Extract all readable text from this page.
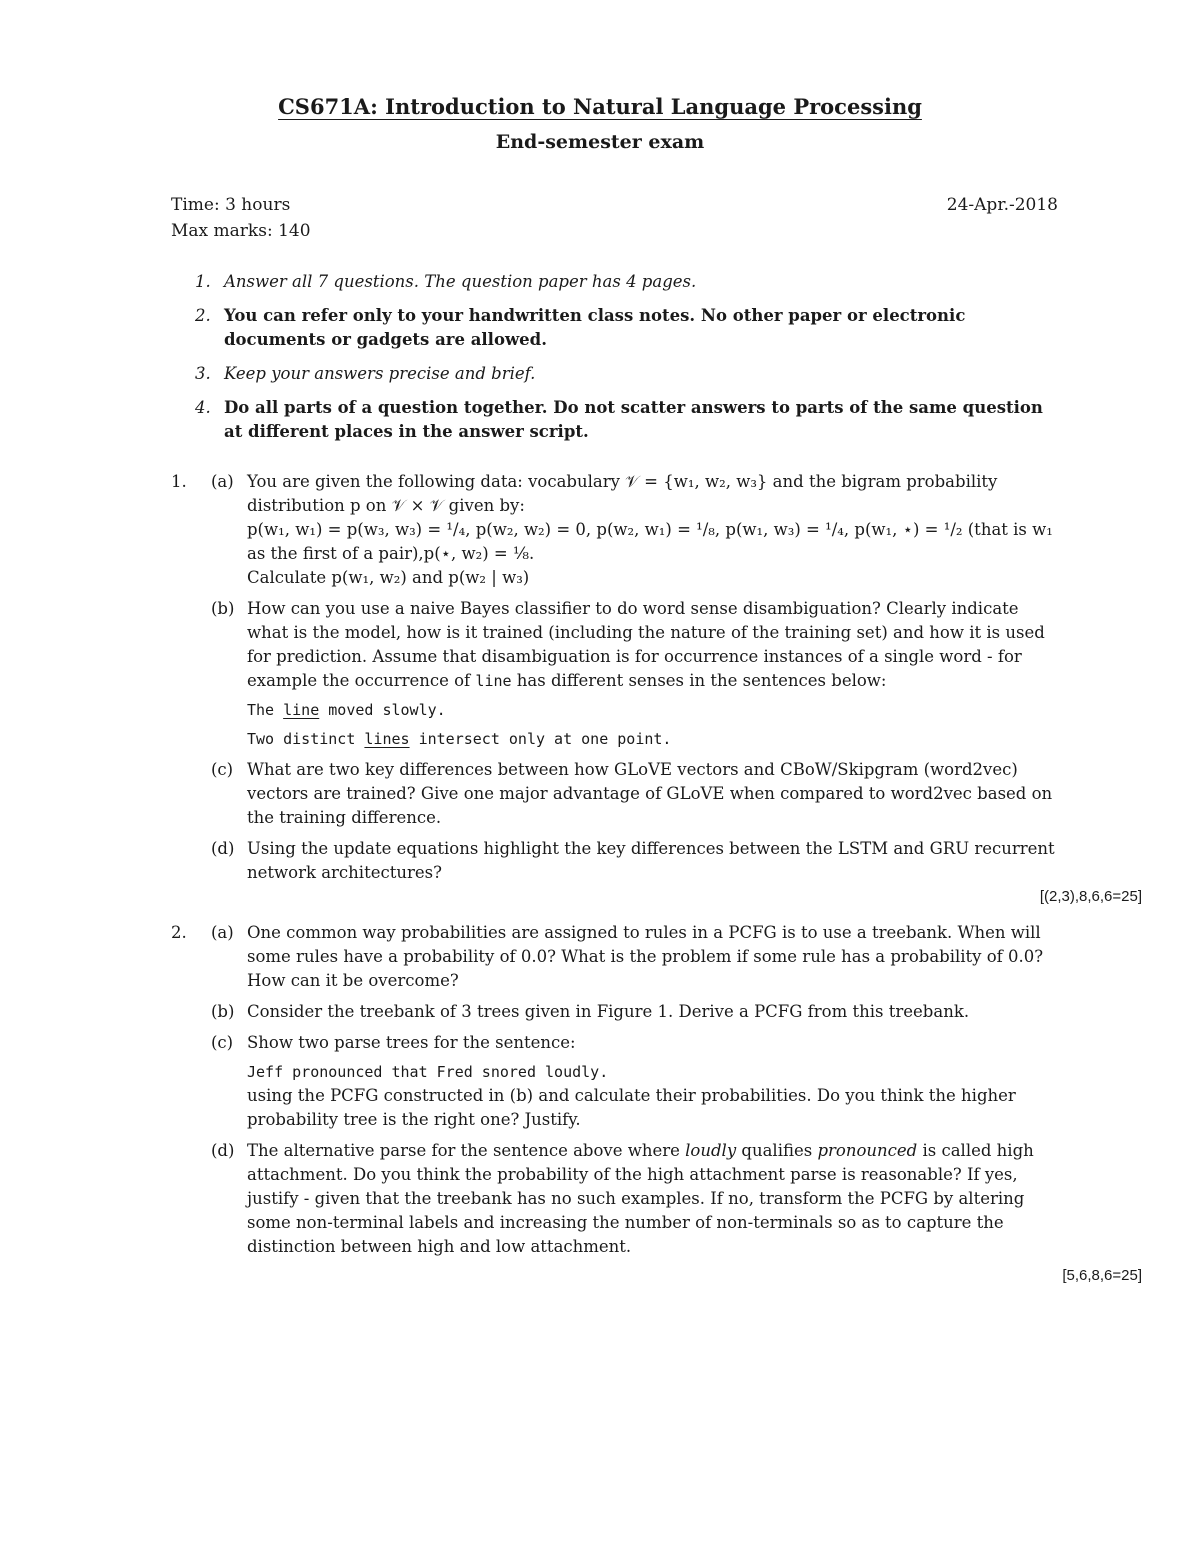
CS671A: Introduction to Natural Language Processing
End-semester exam
Time: 3 hours
Max marks: 140
24-Apr.-2018
1. Answer all 7 questions. The question paper has 4 pages.
2. You can refer only to your handwritten class notes. No other paper or electronic documents or gadgets are allowed.
3. Keep your answers precise and brief.
4. Do all parts of a question together. Do not scatter answers to parts of the same question at different places in the answer script.
1. (a) You are given the following data: vocabulary 𝒱 = {w₁, w₂, w₃} and the bigram probability distribution p on 𝒱 × 𝒱 given by:
p(w₁, w₁) = p(w₃, w₃) = ¹/₄, p(w₂, w₂) = 0, p(w₂, w₁) = ¹/₈, p(w₁, w₃) = ¹/₄, p(w₁, ⋆) = ¹/₂ (that is w₁ as the first of a pair),p(⋆, w₂) = ¹⁄₈.
Calculate p(w₁, w₂) and p(w₂ | w₃)
(b) How can you use a naive Bayes classifier to do word sense disambiguation? Clearly indicate what is the model, how is it trained (including the nature of the training set) and how it is used for prediction. Assume that disambiguation is for occurrence instances of a single word - for example the occurrence of line has different senses in the sentences below:
The line moved slowly.
Two distinct lines intersect only at one point.
(c) What are two key differences between how GLoVE vectors and CBoW/Skipgram (word2vec) vectors are trained? Give one major advantage of GLoVE when compared to word2vec based on the training difference.
(d) Using the update equations highlight the key differences between the LSTM and GRU recurrent network architectures?
[(2,3),8,6,6=25]
2. (a) One common way probabilities are assigned to rules in a PCFG is to use a treebank. When will some rules have a probability of 0.0? What is the problem if some rule has a probability of 0.0? How can it be overcome?
(b) Consider the treebank of 3 trees given in Figure 1. Derive a PCFG from this treebank.
(c) Show two parse trees for the sentence:
Jeff pronounced that Fred snored loudly.
using the PCFG constructed in (b) and calculate their probabilities. Do you think the higher probability tree is the right one? Justify.
(d) The alternative parse for the sentence above where loudly qualifies pronounced is called high attachment. Do you think the probability of the high attachment parse is reasonable? If yes, justify - given that the treebank has no such examples. If no, transform the PCFG by altering some non-terminal labels and increasing the number of non-terminals so as to capture the distinction between high and low attachment.
[5,6,8,6=25]
